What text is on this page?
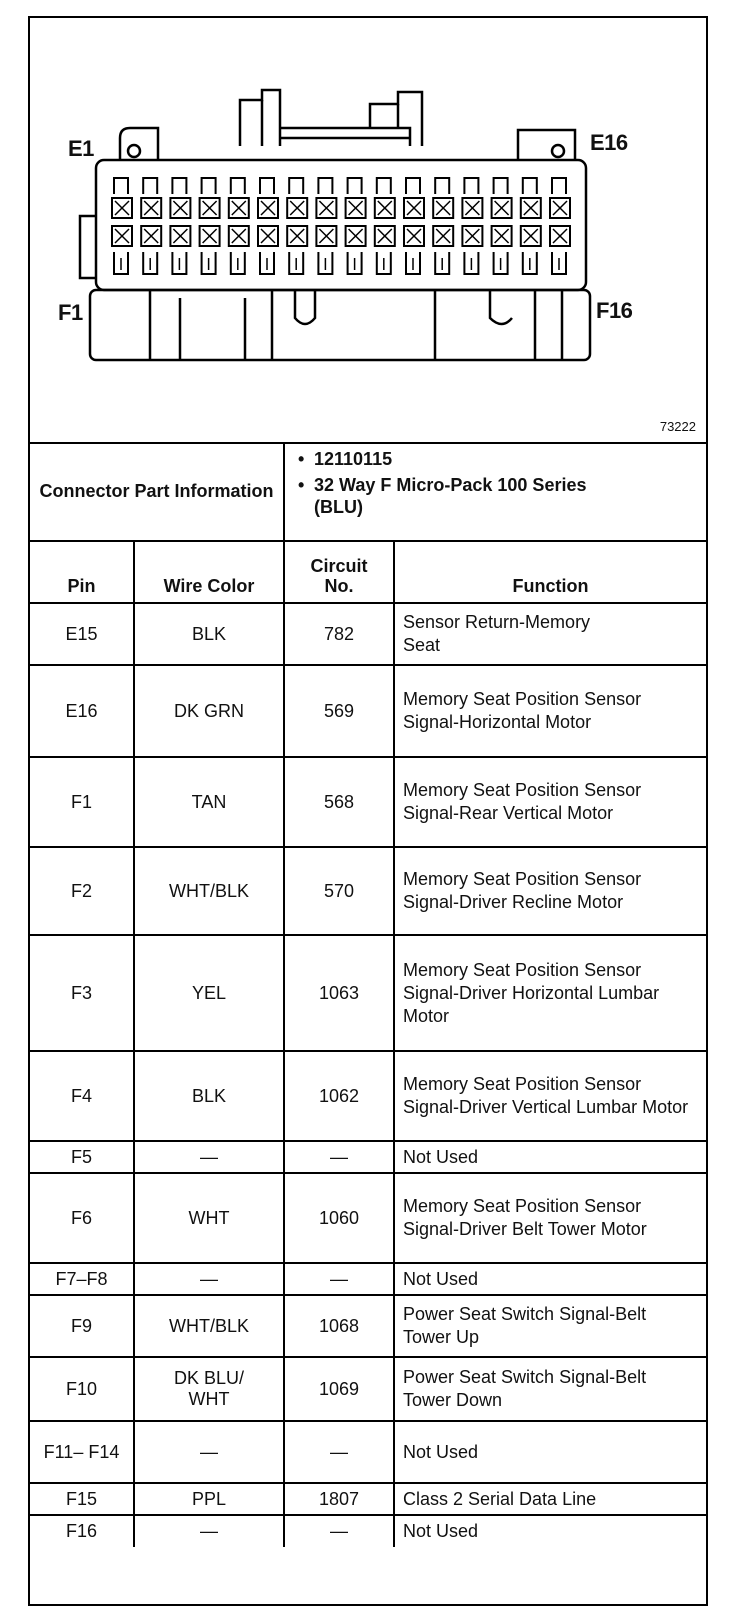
E1	E16
F1	F16
73222
Connector Part Information
• 12110115
• 32 Way F Micro-Pack 100 Series (BLU)
Pin	Wire Color	Circuit No.	Function
E15	BLK	782	Sensor Return-Memory Seat
E16	DK GRN	569	Memory Seat Position Sensor Signal-Horizontal Motor
F1	TAN	568	Memory Seat Position Sensor Signal-Rear Vertical Motor
F2	WHT/BLK	570	Memory Seat Position Sensor Signal-Driver Recline Motor
F3	YEL	1063	Memory Seat Position Sensor Signal-Driver Horizontal Lumbar Motor
F4	BLK	1062	Memory Seat Position Sensor Signal-Driver Vertical Lumbar Motor
F5	—	—	Not Used
F6	WHT	1060	Memory Seat Position Sensor Signal-Driver Belt Tower Motor
F7–F8	—	—	Not Used
F9	WHT/BLK	1068	Power Seat Switch Signal-Belt Tower Up
F10	DK BLU/ WHT	1069	Power Seat Switch Signal-Belt Tower Down
F11– F14	—	—	Not Used
F15	PPL	1807	Class 2 Serial Data Line
F16	—	—	Not Used
